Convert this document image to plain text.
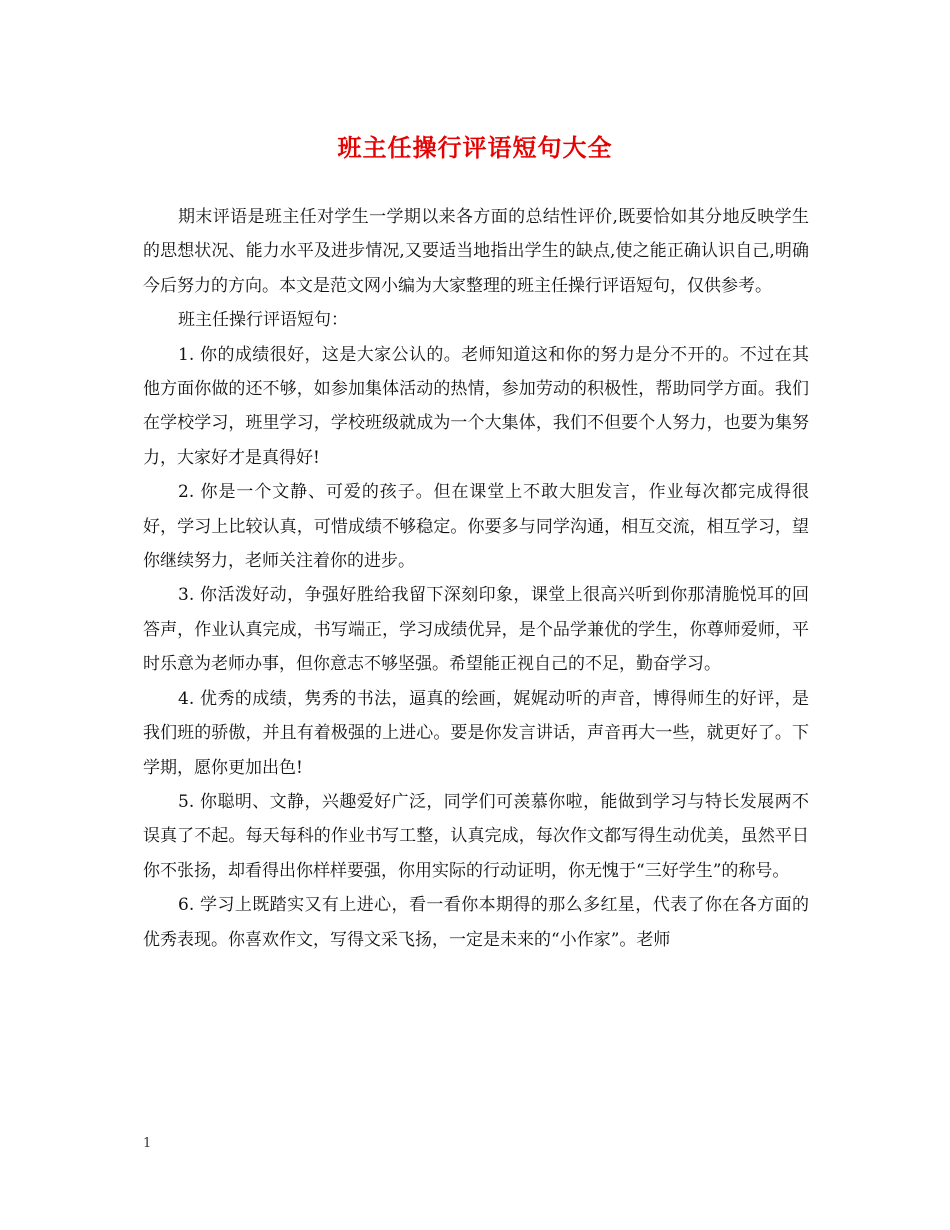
班主任操行评语短句大全

期末评语是班主任对学生一学期以来各方面的总结性评价,既要恰如其分地反映学生的思想状况、能力水平及进步情况,又要适当地指出学生的缺点,使之能正确认识自己,明确今后努力的方向。本文是范文网小编为大家整理的班主任操行评语短句，仅供参考。

班主任操行评语短句：

1. 你的成绩很好，这是大家公认的。老师知道这和你的努力是分不开的。不过在其他方面你做的还不够，如参加集体活动的热情，参加劳动的积极性，帮助同学方面。我们在学校学习，班里学习，学校班级就成为一个大集体，我们不但要个人努力，也要为集努力，大家好才是真得好!

2. 你是一个文静、可爱的孩子。但在课堂上不敢大胆发言，作业每次都完成得很好，学习上比较认真，可惜成绩不够稳定。你要多与同学沟通，相互交流，相互学习，望你继续努力，老师关注着你的进步。

3. 你活泼好动，争强好胜给我留下深刻印象，课堂上很高兴听到你那清脆悦耳的回答声，作业认真完成，书写端正，学习成绩优异，是个品学兼优的学生，你尊师爱师，平时乐意为老师办事，但你意志不够坚强。希望能正视自己的不足，勤奋学习。

4. 优秀的成绩，隽秀的书法，逼真的绘画，娓娓动听的声音，博得师生的好评，是我们班的骄傲，并且有着极强的上进心。要是你发言讲话，声音再大一些，就更好了。下学期，愿你更加出色!

5. 你聪明、文静，兴趣爱好广泛，同学们可羡慕你啦，能做到学习与特长发展两不误真了不起。每天每科的作业书写工整，认真完成，每次作文都写得生动优美，虽然平日你不张扬，却看得出你样样要强，你用实际的行动证明，你无愧于“三好学生”的称号。

6. 学习上既踏实又有上进心，看一看你本期得的那么多红星，代表了你在各方面的优秀表现。你喜欢作文，写得文采飞扬，一定是未来的“小作家”。老师

1
